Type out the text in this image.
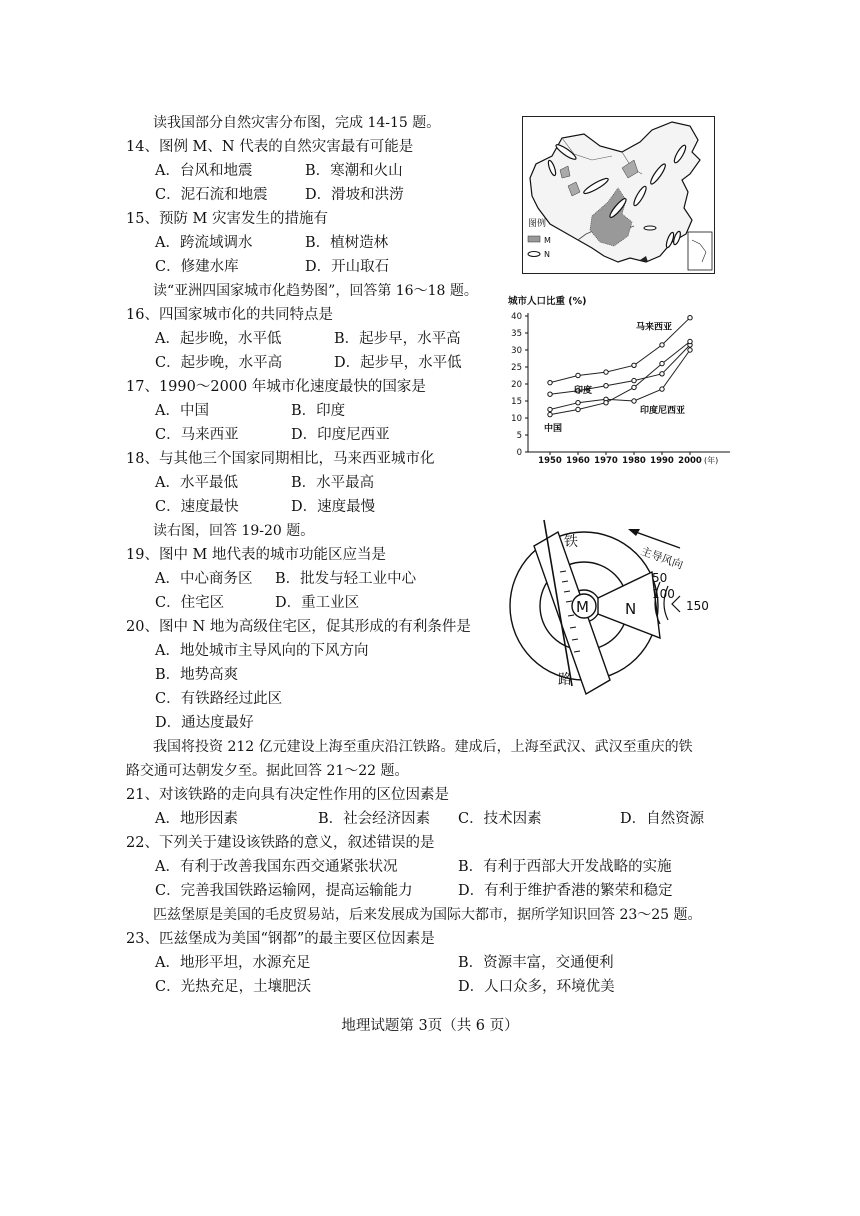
读我国部分自然灾害分布图，完成 14-15 题。
14、图例 M、N 代表的自然灾害最有可能是
A．台风和地震	B．寒潮和火山
C．泥石流和地震	D．滑坡和洪涝
15、预防 M 灾害发生的措施有
A．跨流域调水	B．植树造林
C．修建水库	D．开山取石
读“亚洲四国家城市化趋势图”，回答第 16～18 题。
16、四国家城市化的共同特点是
A．起步晚，水平低	B．起步早，水平高
C．起步晚，水平高	D．起步早，水平低
17、1990～2000 年城市化速度最快的国家是
A．中国	B．印度
C．马来西亚	D．印度尼西亚
18、与其他三个国家同期相比，马来西亚城市化
A．水平最低	B．水平最高
C．速度最快	D．速度最慢
读右图，回答 19-20 题。
19、图中 M 地代表的城市功能区应当是
A．中心商务区 B．批发与轻工业中心
C．住宅区	D．重工业区
20、图中 N 地为高级住宅区，促其形成的有利条件是
A．地处城市主导风向的下风方向
B．地势高爽
C．有铁路经过此区
D．通达度最好
我国将投资 212 亿元建设上海至重庆沿江铁路。建成后，上海至武汉、武汉至重庆的铁
路交通可达朝发夕至。据此回答 21～22 题。
21、对该铁路的走向具有决定性作用的区位因素是
A．地形因素	B．社会经济因素 C．技术因素	D．自然资源
22、下列关于建设该铁路的意义，叙述错误的是
A．有利于改善我国东西交通紧张状况	B．有利于西部大开发战略的实施
C．完善我国铁路运输网，提高运输能力	D．有利于维护香港的繁荣和稳定
匹兹堡原是美国的毛皮贸易站，后来发展成为国际大都市，据所学知识回答 23～25 题。
23、匹兹堡成为美国“钢都”的最主要区位因素是
A．地形平坦，水源充足	B．资源丰富，交通便利
C．光热充足，土壤肥沃	D．人口众多，环境优美
地理试题第 3页（共 6 页）
图例
M
N
城市人口比重 (%)
(年)
0
5
10
15
20
25
30
35
40
1950 1960 1970 1980 1990 2000
马来西亚
印度
印度尼西亚
中国
M N
50
100
150
铁
路
主导风向
